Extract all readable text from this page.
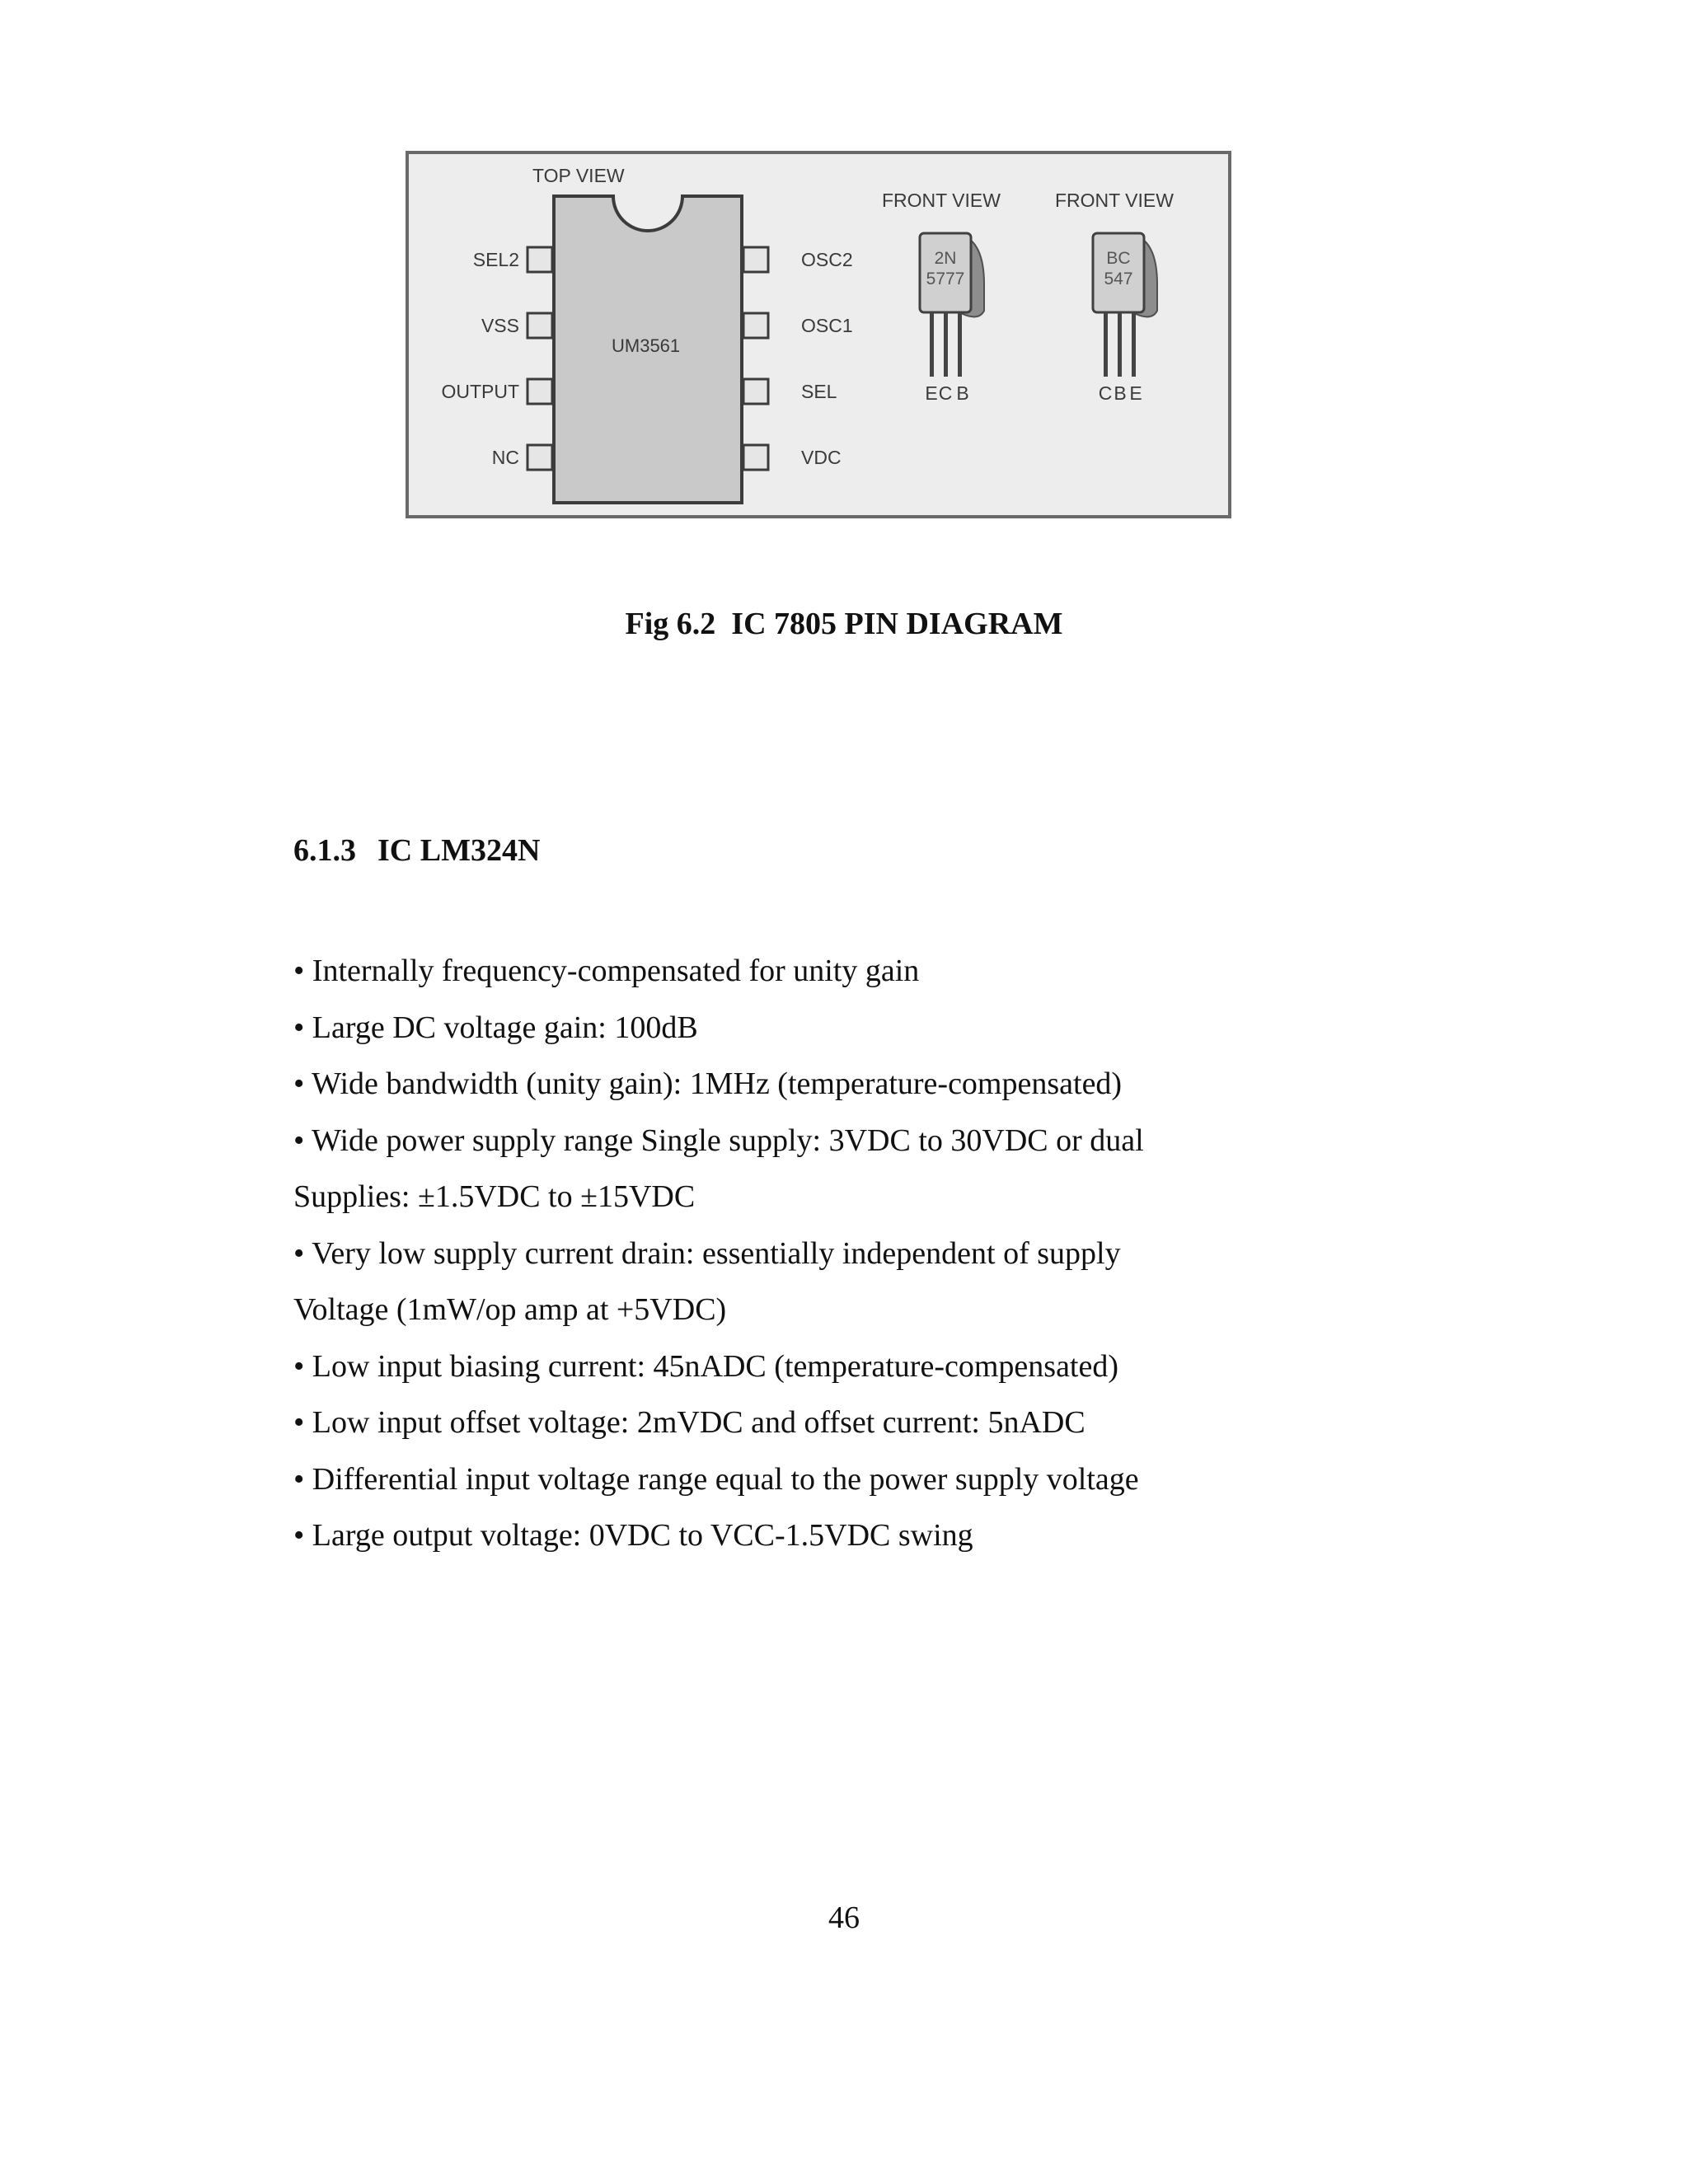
TOP VIEW
UM3561
SEL2
VSS
OUTPUT
NC
OSC2
OSC1
SEL
VDC
FRONT VIEW
2N
5777
E C B
FRONT VIEW
BC
547
C B E

Fig 6.2  IC 7805 PIN DIAGRAM

6.1.3 IC LM324N
• Internally frequency-compensated for unity gain
• Large DC voltage gain: 100dB
• Wide bandwidth (unity gain): 1MHz (temperature-compensated)
• Wide power supply range Single supply: 3VDC to 30VDC or dual
Supplies: ±1.5VDC to ±15VDC
• Very low supply current drain: essentially independent of supply
Voltage (1mW/op amp at +5VDC)
• Low input biasing current: 45nADC (temperature-compensated)
• Low input offset voltage: 2mVDC and offset current: 5nADC
• Differential input voltage range equal to the power supply voltage
• Large output voltage: 0VDC to VCC-1.5VDC swing

46
